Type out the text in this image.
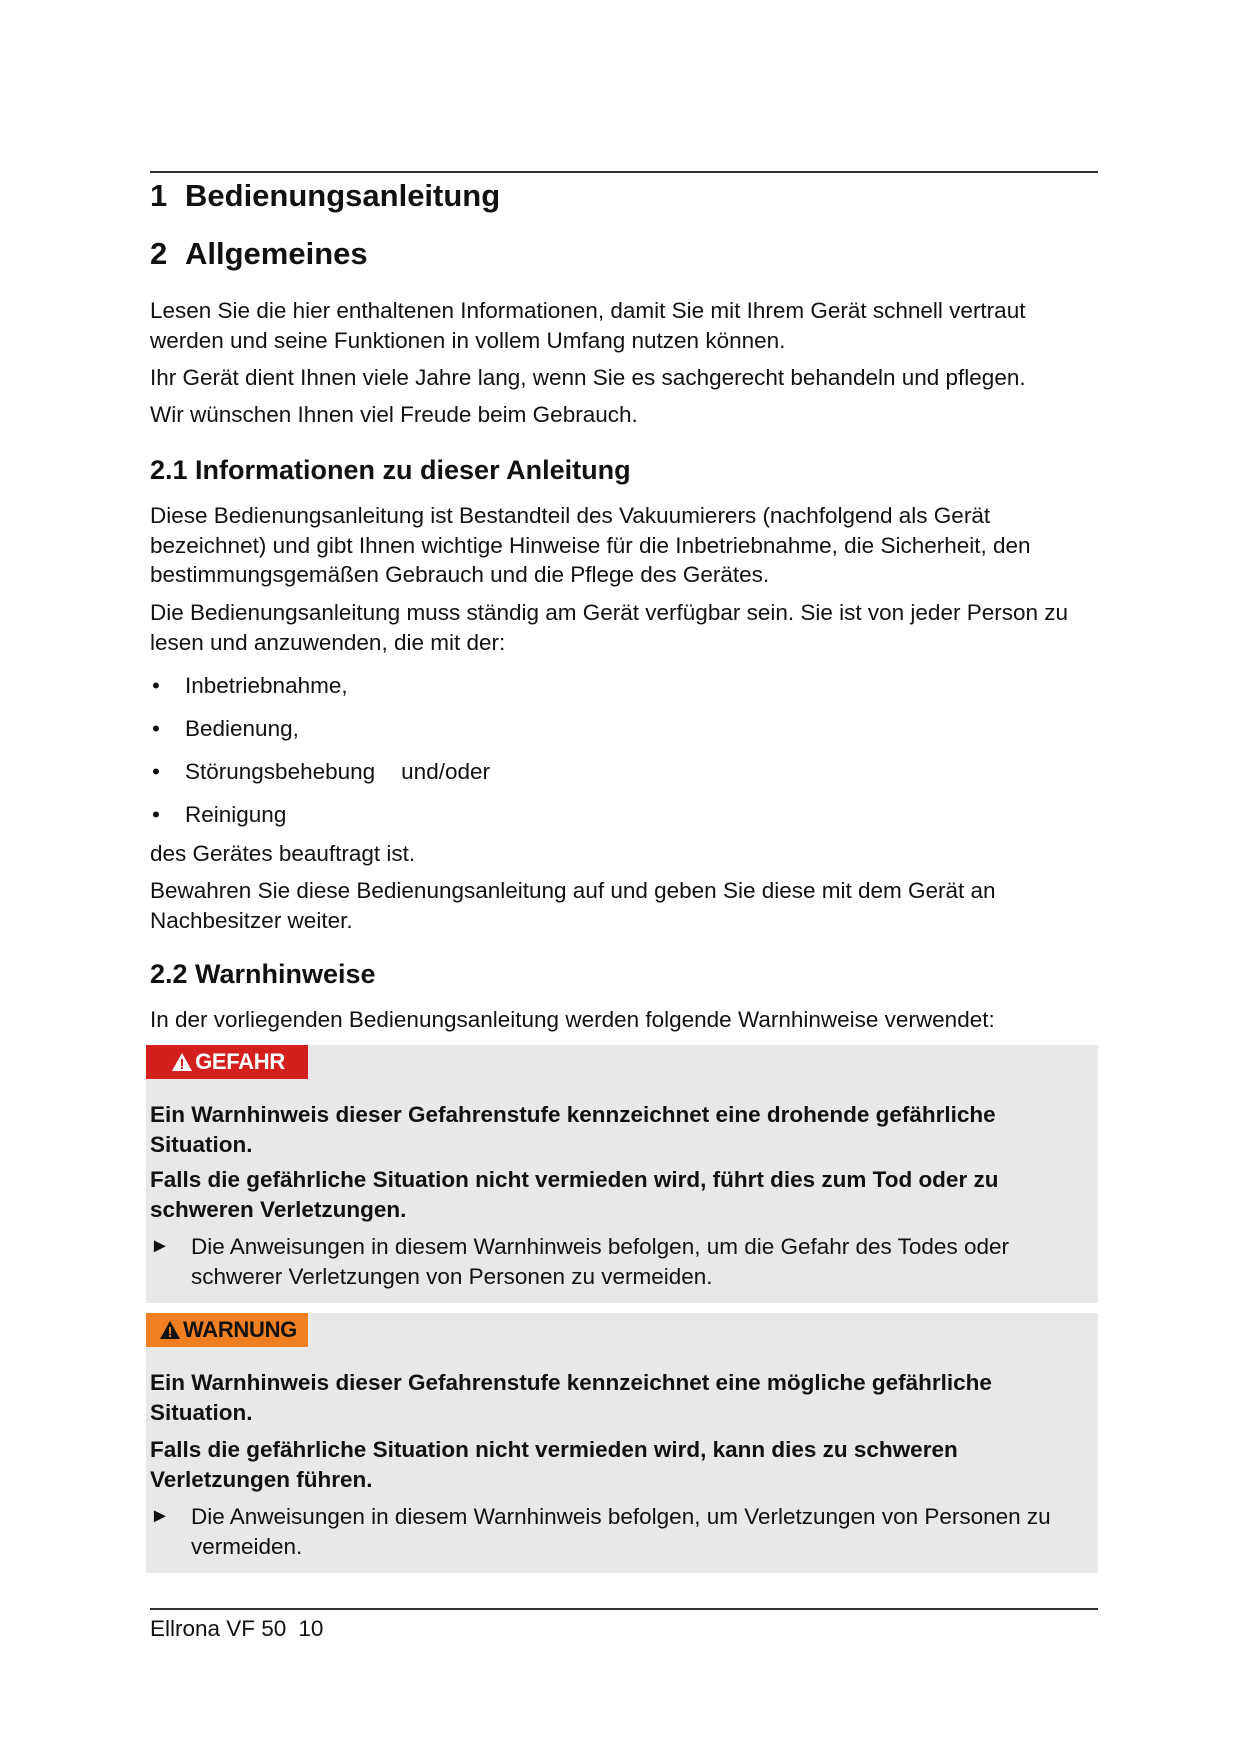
1 Bedienungsanleitung
2 Allgemeines

Lesen Sie die hier enthaltenen Informationen, damit Sie mit Ihrem Gerät schnell vertraut werden und seine Funktionen in vollem Umfang nutzen können.

Ihr Gerät dient Ihnen viele Jahre lang, wenn Sie es sachgerecht behandeln und pflegen.

Wir wünschen Ihnen viel Freude beim Gebrauch.

2.1 Informationen zu dieser Anleitung

Diese Bedienungsanleitung ist Bestandteil des Vakuumierers (nachfolgend als Gerät bezeichnet) und gibt Ihnen wichtige Hinweise für die Inbetriebnahme, die Sicherheit, den bestimmungsgemäßen Gebrauch und die Pflege des Gerätes.

Die Bedienungsanleitung muss ständig am Gerät verfügbar sein. Sie ist von jeder Person zu lesen und anzuwenden, die mit der:

• Inbetriebnahme,
• Bedienung,
• Störungsbehebung und/oder
• Reinigung

des Gerätes beauftragt ist.

Bewahren Sie diese Bedienungsanleitung auf und geben Sie diese mit dem Gerät an Nachbesitzer weiter.

2.2 Warnhinweise

In der vorliegenden Bedienungsanleitung werden folgende Warnhinweise verwendet:

GEFAHR

Ein Warnhinweis dieser Gefahrenstufe kennzeichnet eine drohende gefährliche Situation.

Falls die gefährliche Situation nicht vermieden wird, führt dies zum Tod oder zu schweren Verletzungen.

► Die Anweisungen in diesem Warnhinweis befolgen, um die Gefahr des Todes oder schwerer Verletzungen von Personen zu vermeiden.
WARNUNG

Ein Warnhinweis dieser Gefahrenstufe kennzeichnet eine mögliche gefährliche Situation.

Falls die gefährliche Situation nicht vermieden wird, kann dies zu schweren Verletzungen führen.

► Die Anweisungen in diesem Warnhinweis befolgen, um Verletzungen von Personen zu vermeiden.
Ellrona VF 50 10
